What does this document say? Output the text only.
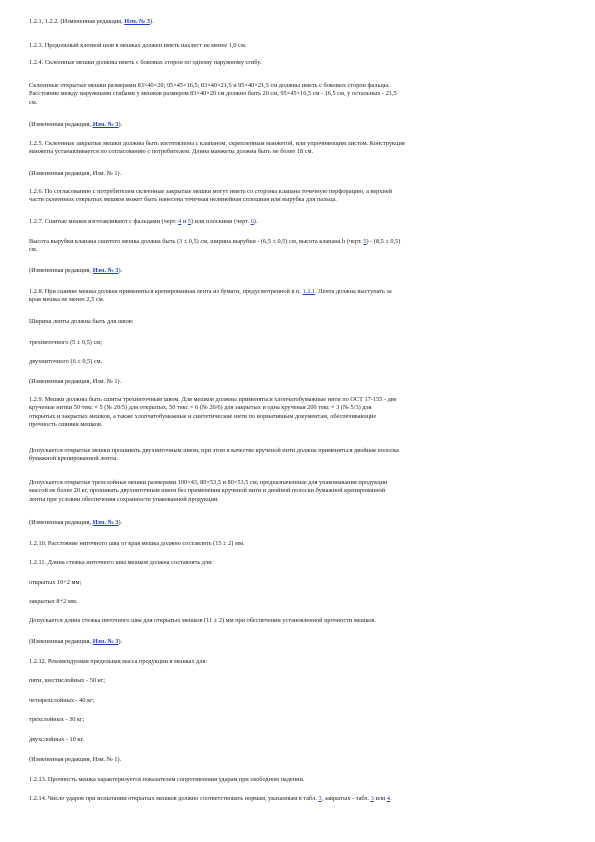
1.2.1, 1.2.2. (Измененная редакция, Изм. № 3).

1.2.3. Продольный клеевой шов в мешках должен иметь нахлест не менее 1,0 см.

1.2.4. Склеенные мешки должны иметь с боковых сторон по одному наружному сгибу.

Склеенные открытые мешки размерами 83×40×20; 95×45×16,5; 83×40×21,5 и 95×40×21,5 см должны иметь с боковых сторон фальцы.
Расстояние между наружными сгибами у мешков размером 83×40×20 см должно быть 20 см, 95×45×16,5 см - 16,5 см, у остальных - 21,5
см.

(Измененная редакция, Изм. № 3).

1.2.5. Склеенные закрытые мешки должны быть изготовлены с клапаном, скрепленным манжетой, или упрочняющим листом. Конструкция
манжеты устанавливается по согласованию с потребителем. Длина манжеты должна быть не более 18 см.

(Измененная редакция, Изм. № 1).

1.2.6. По согласованию с потребителем склеенные закрытые мешки могут иметь со стороны клапана точечную перфорацию, а верхней
части склеенных открытых мешков может быть нанесена точечная нелинейная сплошная или вырубка для пальца.

1.2.7. Сшитые мешки изготавливают с фальцами (черт. 4 и 5) или плоскими (черт. 6).

Высота вырубки клапана сшитого мешка должна быть (3 ± 0,5) см, ширина вырубки - (6,5 ± 0,5) см, высота клапана h (черт. 5) - (8,5 ± 0,5)
см.

(Измененная редакция, Изм. № 3).

1.2.8. При сшивке мешка должна применяться крепированная лента из бумаги, предусмотренной в п. 1.2.1. Лента должна выступать за
края мешка не менее 2,5 см.

Ширина ленты должна быть для швов:

трехниточного (5 ± 0,5) см;

двухниточного (6 ± 0,5) см.

(Измененная редакция, Изм. № 1).

1.2.9. Мешки должны быть сшиты трехниточным швом. Для мешков должны применяться хлопчатобумажные нити по ОСТ 17-155 - две
крученые нитки 50 текс × 5 (№ 20/5) для открытых, 50 текс × 6 (№ 20/6) для закрытых и одна крученая 200 текс × 3 (№ 5/3) для
открытых и закрытых мешков, а также хлопчатобумажные и синтетические нити по нормативным документам, обеспечивающие
прочность сшивки мешков.

Допускается открытые мешки прошивать двухниточным швом, при этом в качестве крученой нити должна применяться двойная полоска
бумажной крепированной ленты.

Допускается открытые трехслойные мешки размерами 100×43, 80×53,5 и 80×53,5 см, предназначенные для упаковывания продукции
массой не более 20 кг, прошивать двухниточным швом без применения крученой нити и двойной полоски бумажной крепированной
ленты при условии обеспечения сохранности упакованной продукции.

(Измененная редакция, Изм. № 3).

1.2.10. Расстояние ниточного шва от края мешка должно составлять (15 ± 2) мм.

1.2.11. Длина стежка ниточного шва мешков должна составлять для:

открытых 10+2 мм;

закрытых 8+2 мм.

Допускается длина стежка ниточного шва для открытых мешков (11 ± 2) мм при обеспечении установленной прочности мешков.

(Измененная редакция, Изм. № 3).

1.2.12. Рекомендуемая предельная масса продукции в мешках для:

пяти, шестислойных - 50 кг;

четырехслойных - 40 кг;

трехслойных - 30 кг;

двухслойных - 10 кг.

(Измененная редакция, Изм. № 1).

1.2.13. Прочность мешка характеризуется показателем сопротивления ударам при свободном падении.

1.2.14. Число ударов при испытании открытых мешков должно соответствовать нормам, указанным в табл. 3, закрытых - табл. 3 или 4.
